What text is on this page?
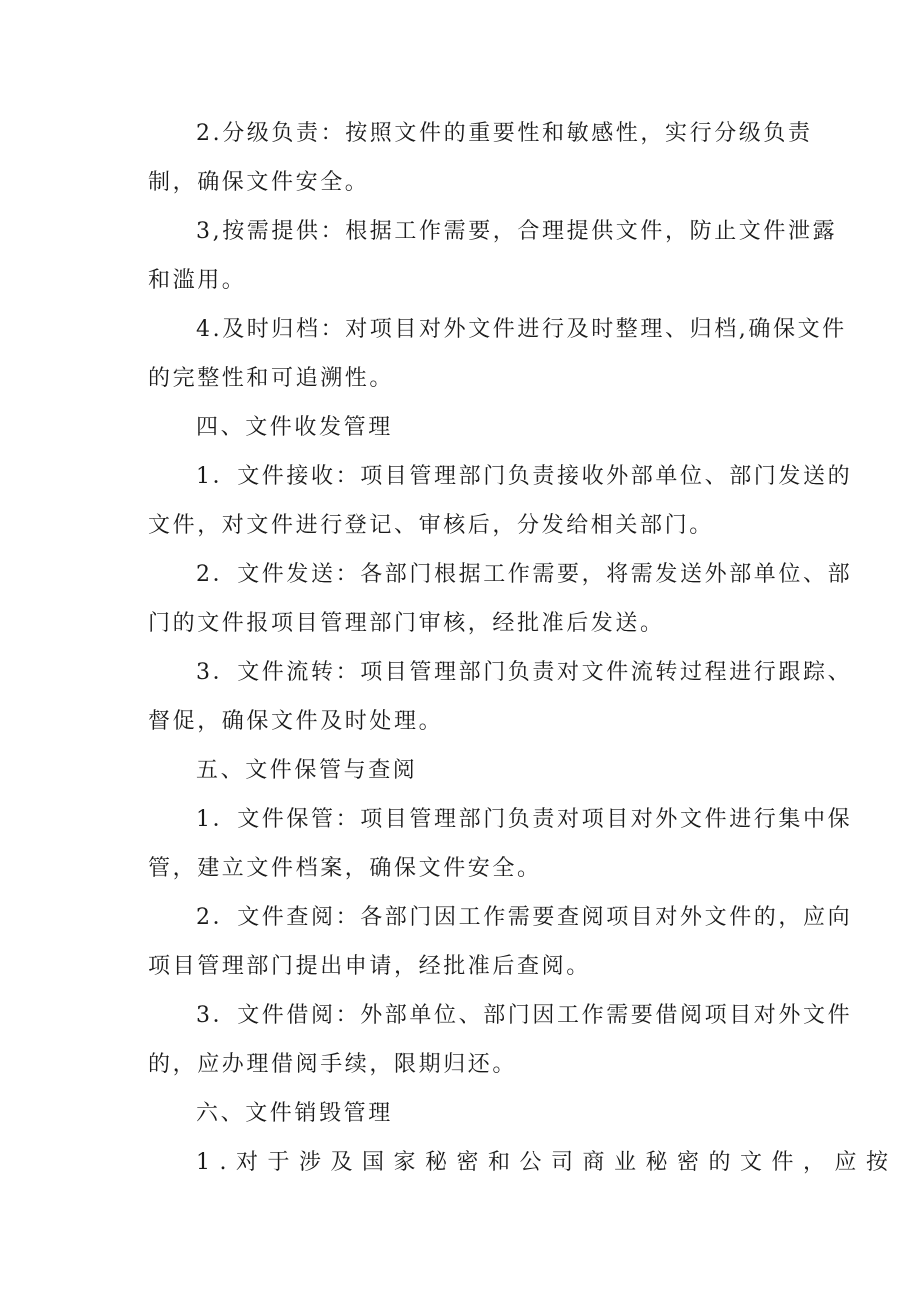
2.分级负责：按照文件的重要性和敏感性，实行分级负责
制，确保文件安全。
3,按需提供：根据工作需要，合理提供文件，防止文件泄露
和滥用。
4.及时归档：对项目对外文件进行及时整理、归档,确保文件
的完整性和可追溯性。
四、文件收发管理
1．文件接收：项目管理部门负责接收外部单位、部门发送的
文件，对文件进行登记、审核后，分发给相关部门。
2．文件发送：各部门根据工作需要，将需发送外部单位、部
门的文件报项目管理部门审核，经批准后发送。
3．文件流转：项目管理部门负责对文件流转过程进行跟踪、
督促，确保文件及时处理。
五、文件保管与查阅
1．文件保管：项目管理部门负责对项目对外文件进行集中保
管，建立文件档案，确保文件安全。
2．文件查阅：各部门因工作需要查阅项目对外文件的，应向
项目管理部门提出申请，经批准后查阅。
3．文件借阅：外部单位、部门因工作需要借阅项目对外文件
的，应办理借阅手续，限期归还。
六、文件销毁管理
1.对于涉及国家秘密和公司商业秘密的文件，应按
